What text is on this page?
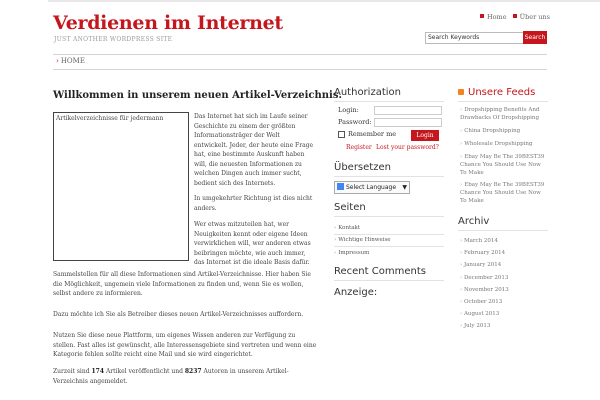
Verdienen im Internet
JUST ANOTHER WORDPRESS SITE
Home Über uns
Search Keywords	Search
› HOME
Willkommen in unserem neuen Artikel-Verzeichnis.
Artikelverzeichnisse für jedermann	Das Internet hat sich im Laufe seiner Geschichte zu einem der größten Informationsträger der Welt entwickelt. Jeder, der heute eine Frage hat, eine bestimmte Auskunft haben will, die neuesten Informationen zu welchen Dingen auch immer sucht, bedient sich des Internets.
In umgekehrter Richtung ist dies nicht anders.
Wer etwas mitzuteilen hat, wer Neuigkeiten kennt oder eigene Ideen verwirklichen will, wer anderen etwas beibringen möchte, wie auch immer, das Internet ist die ideale Basis dafür.
Sammelstellen für all diese Informationen sind Artikel-Verzeichnisse. Hier haben Sie die Möglichkeit, ungemein viele Informationen zu finden und, wenn Sie es wollen, selbst andere zu informieren.
Dazu möchte ich Sie als Betreiber dieses neuen Artikel-Verzeichnisses auffordern.
Nutzen Sie diese neue Plattform, um eigenes Wissen anderen zur Verfügung zu stellen. Fast alles ist gewünscht, alle Interessensgebiete sind vertreten und wenn eine Kategorie fehlen sollte reicht eine Mail und sie wird eingerichtet.
Zurzeit sind 174 Artikel veröffentlicht und 8237 Autoren in unserem Artikel-Verzeichnis angemeldet.
Authorization
Login:
Password:
Remember me	Login
Register Lost your password?
Übersetzen
Select Language ▼
Seiten
› Kontakt
› Wichtige Hinweise
› Impressum
Recent Comments
Anzeige:
Unsere Feeds
› Dropshipping Benefits And Drawbacks Of Dropshipping
› China Dropshipping
› Wholesale Dropshipping
› Ebay May Be The 39BEST39 Chance You Should Use Now To Make
› Ebay May Be The 39BEST39 Chance You Should Use Now To Make
Archiv
› March 2014
› February 2014
› January 2014
› December 2013
› November 2013
› October 2013
› August 2013
› July 2013
